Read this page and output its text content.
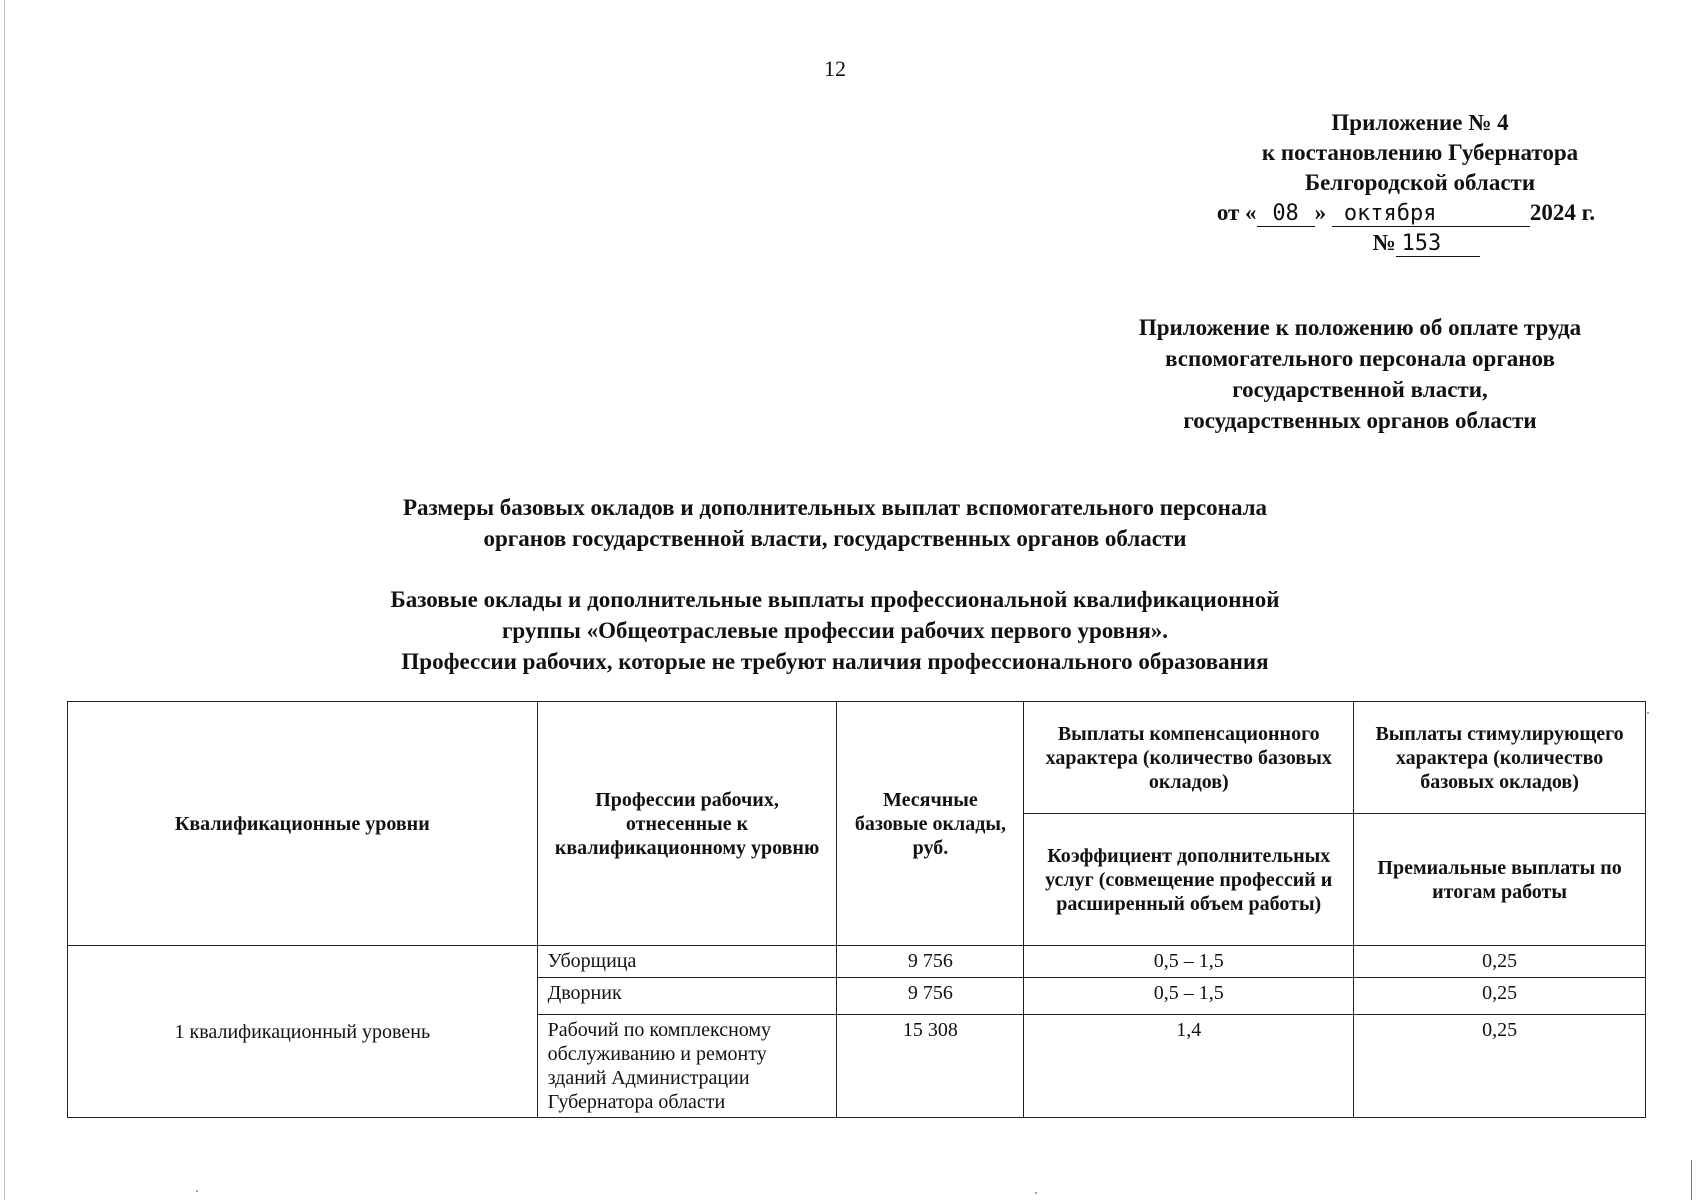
12
Приложение № 4
к постановлению Губернатора
Белгородской области
от « 08 » октября	2024 г.
№ 153
Приложение к положению об оплате труда
вспомогательного персонала органов
государственной власти,
государственных органов области
Размеры базовых окладов и дополнительных выплат вспомогательного персонала
органов государственной власти, государственных органов области
Базовые оклады и дополнительные выплаты профессиональной квалификационной
группы «Общеотраслевые профессии рабочих первого уровня».
Профессии рабочих, которые не требуют наличия профессионального образования
Квалификационные уровни	Профессии рабочих, отнесенные к квалификационному уровню	Месячные базовые оклады, руб.	Выплаты компенсационного характера (количество базовых окладов)	Выплаты стимулирующего характера (количество базовых окладов)
			Коэффициент дополнительных услуг (совмещение профессий и расширенный объем работы)	Премиальные выплаты по итогам работы
1 квалификационный уровень	Уборщица	9 756	0,5 – 1,5	0,25
	Дворник	9 756	0,5 – 1,5	0,25
	Рабочий по комплексному обслуживанию и ремонту зданий Администрации Губернатора области	15 308	1,4	0,25
